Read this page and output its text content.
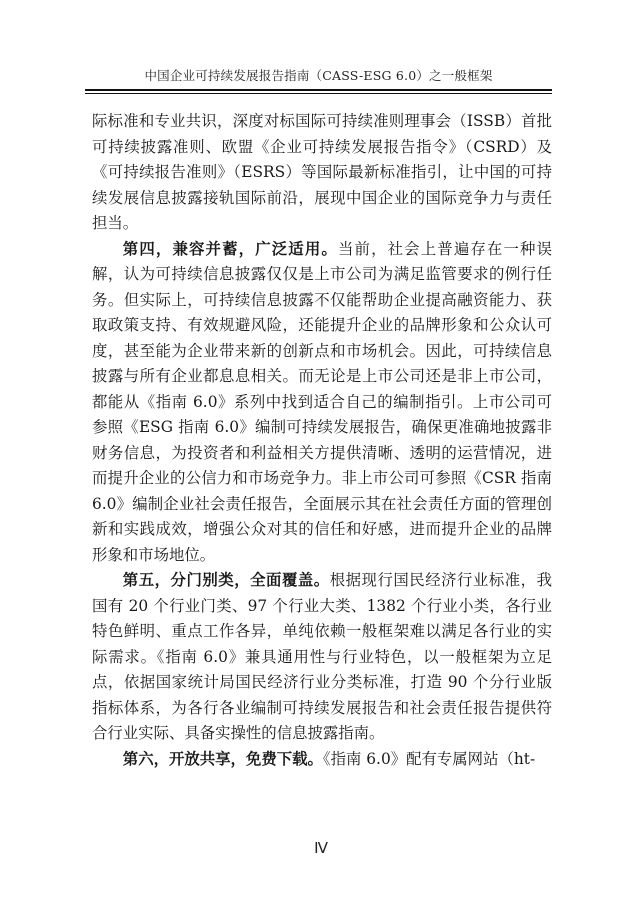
中国企业可持续发展报告指南（CASS-ESG 6.0）之一般框架

际标准和专业共识，深度对标国际可持续准则理事会（ISSB）首批可持续披露准则、欧盟《企业可持续发展报告指令》（CSRD）及《可持续报告准则》（ESRS）等国际最新标准指引，让中国的可持续发展信息披露接轨国际前沿，展现中国企业的国际竞争力与责任担当。

第四，兼容并蓄，广泛适用。当前，社会上普遍存在一种误解，认为可持续信息披露仅仅是上市公司为满足监管要求的例行任务。但实际上，可持续信息披露不仅能帮助企业提高融资能力、获取政策支持、有效规避风险，还能提升企业的品牌形象和公众认可度，甚至能为企业带来新的创新点和市场机会。因此，可持续信息披露与所有企业都息息相关。而无论是上市公司还是非上市公司，都能从《指南 6.0》系列中找到适合自己的编制指引。上市公司可参照《ESG 指南 6.0》编制可持续发展报告，确保更准确地披露非财务信息，为投资者和利益相关方提供清晰、透明的运营情况，进而提升企业的公信力和市场竞争力。非上市公司可参照《CSR 指南 6.0》编制企业社会责任报告，全面展示其在社会责任方面的管理创新和实践成效，增强公众对其的信任和好感，进而提升企业的品牌形象和市场地位。

第五，分门别类，全面覆盖。根据现行国民经济行业标准，我国有 20 个行业门类、97 个行业大类、1382 个行业小类，各行业特色鲜明、重点工作各异，单纯依赖一般框架难以满足各行业的实际需求。《指南 6.0》兼具通用性与行业特色，以一般框架为立足点，依据国家统计局国民经济行业分类标准，打造 90 个分行业版指标体系，为各行各业编制可持续发展报告和社会责任报告提供符合行业实际、具备实操性的信息披露指南。

第六，开放共享，免费下载。《指南 6.0》配有专属网站（ht-

Ⅳ
